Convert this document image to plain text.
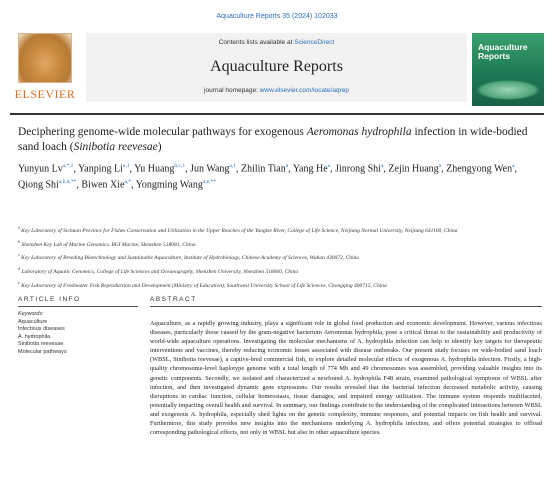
Aquaculture Reports 35 (2024) 102033
ELSEVIER
Contents lists available at ScienceDirect
Aquaculture Reports
journal homepage: www.elsevier.com/locate/aqrep
Aquaculture Reports
Deciphering genome-wide molecular pathways for exogenous Aeromonas hydrophila infection in wide-bodied sand loach (Sinibotia reevesae)
Yunyun $Lv^{a,*,1}$, Yanping Li$^{a,1}$, Yu Huang$^{b,c,1}$, Jun Wang$^{a,1}$, Zhilin Tian$^a$, Yang He$^a$, Jinrong Shi$^a$, Zejin Huang$^a$, Zhengyong Wen$^a$, Qiong Shi$^{a,b,d,**}$, Biwen Xie$^{a,*}$, Yongming Wang$^{a,e,**}$
$^a$ Key Laboratory of Sichuan Province for Fishes Conservation and Utilization in the Upper Reaches of the Yangtze River, College of Life Science, Neijiang Normal University, Neijiang 641100, China
$^b$ Shenzhen Key Lab of Marine Genomics, BGI Marine, Shenzhen 518081, China
$^c$ Key Laboratory of Breeding Biotechnology and Sustainable Aquaculture, Institute of Hydrobiology, Chinese Academy of Sciences, Wuhan 430072, China
$^d$ Laboratory of Aquatic Genomics, College of Life Sciences and Oceanography, Shenzhen University, Shenzhen 518060, China
$^e$ Key Laboratory of Freshwater Fish Reproduction and Development (Ministry of Education), Southwest University School of Life Sciences, Chongqing 400715, China
ARTICLE INFO	ABSTRACT
Keywords:
Aquaculture
Infectious diseases
A. hydrophila
Sinibotia reevesae
Molecular pathways
Aquaculture, as a rapidly growing industry, plays a significant role in global food production and economic development. However, various infectious diseases, particularly those caused by the gram-negative bacterium Aeromonas hydrophila, pose a critical threat to the sustainability and productivity of world-wide aquaculture operations. Investigating the molecular mechanisms of A. hydrophila infection can help to identify key targets for therapeutic interventions and vaccines, thereby reducing economic losses associated with disease outbreaks. Our present study focuses on wide-bodied sand loach (WBSL, Sinibotia reevesae), a captive-bred commercial fish, to explore detailed molecular effects of exogenous A. hydrophila infection. Firstly, a high-quality chromosome-level haplotype genome with a total length of 774 Mb and 49 chromosomes was assembled, providing valuable insights into its genetic components. Secondly, we isolated and characterized a newfound A. hydrophila F48 strain, examined pathological symptoms of WBSL after infection, and then investigated dynamic gene expressions. Our results revealed that the bacterial infection decreased metabolic activity, causing disruptions in cardiac function, cellular homeostasis, tissue damages, and impaired energy utilization. The immune system responds multifaceted, potentially impacting overall health and survival. In summary, our findings contribute to the understanding of the complicated interactions between WBSL and exogenous A. hydrophila, especially shed lights on the genetic complexity, immune responses, and potential impacts on fish health and survival. Furthermore, this study provides new insights into the mechanisms underlying A. hydrophila infection, and offers potential strategies to offload corresponding pathological effects, not only in WBSL but also in other aquaculture species.
